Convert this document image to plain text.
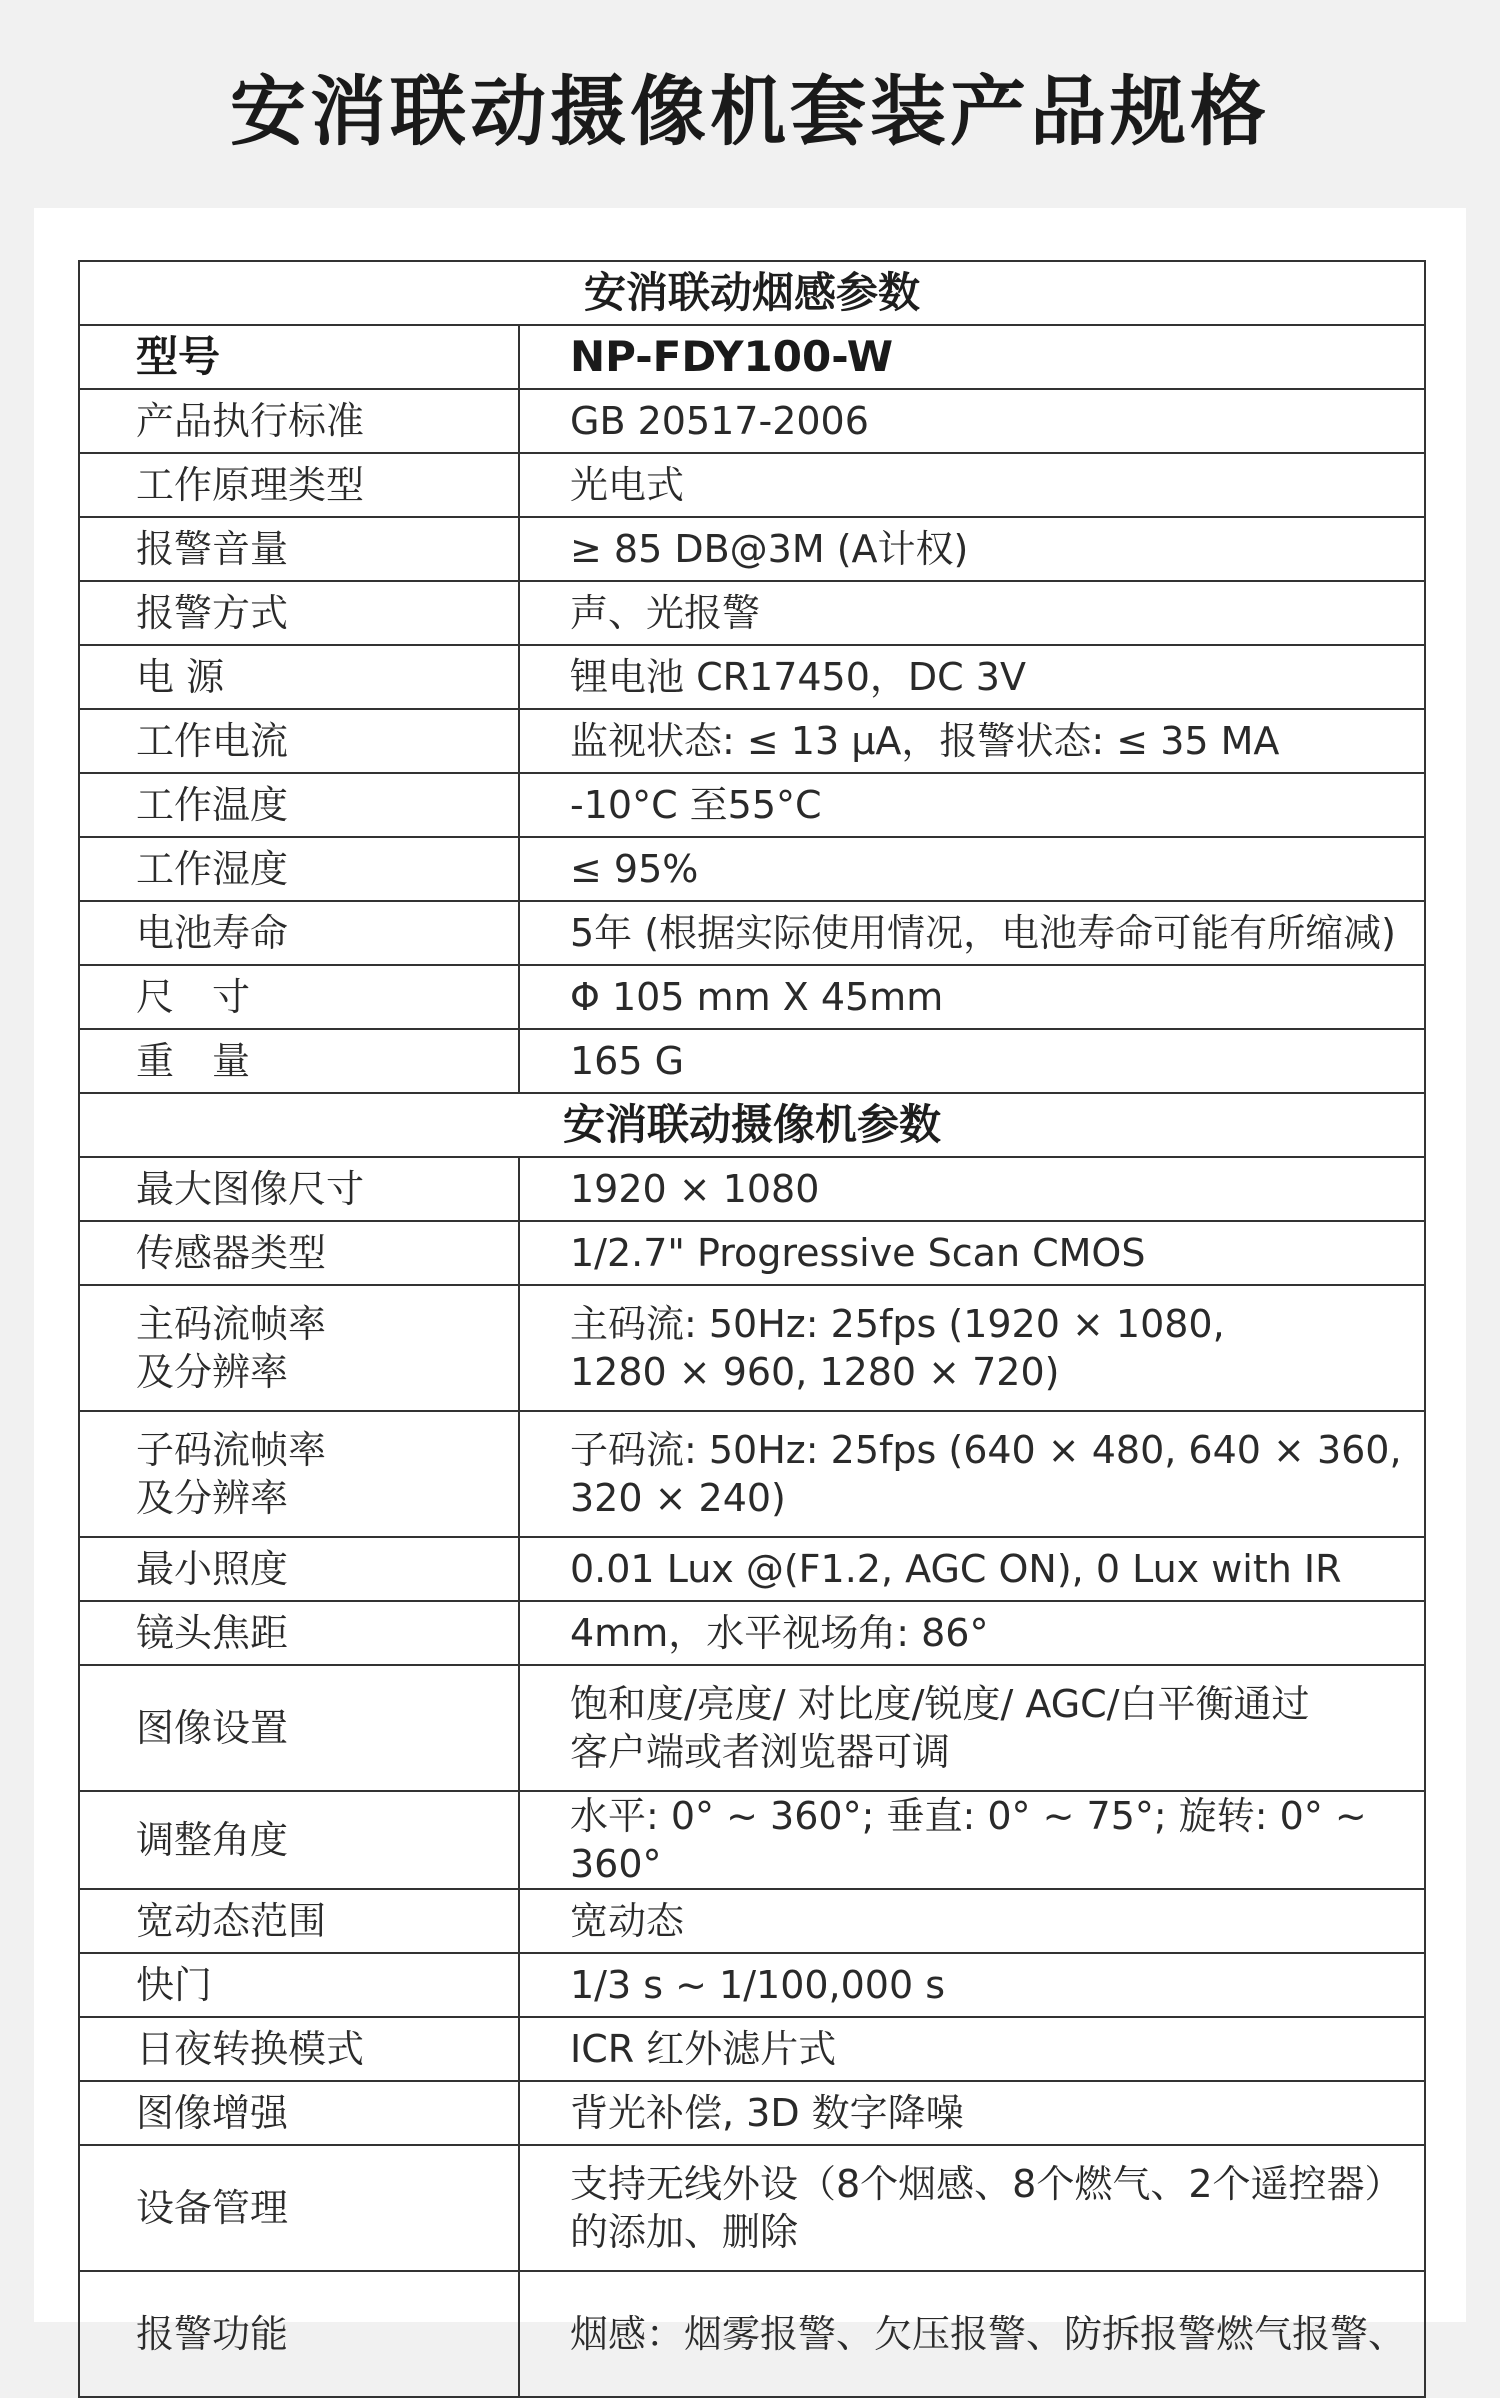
安消联动摄像机套装产品规格
安消联动烟感参数	
型号	NP-FDY100-W
产品执行标准	GB 20517-2006
工作原理类型	光电式
报警音量	≥ 85 DB@3M (A计权)
报警方式	声、光报警
电 源	锂电池 CR17450，DC 3V
工作电流	监视状态: ≤ 13 μA，报警状态: ≤ 35 MA
工作温度	-10°C 至55°C
工作湿度	≤ 95%
电池寿命	5年 (根据实际使用情况，电池寿命可能有所缩减)
尺　寸	Φ 105 mm X 45mm
重　量	165 G
安消联动摄像机参数	
最大图像尺寸	1920 × 1080
传感器类型	1/2.7" Progressive Scan CMOS
主码流帧率
及分辨率	主码流: 50Hz: 25fps (1920 × 1080,
1280 × 960, 1280 × 720)
子码流帧率
及分辨率	子码流: 50Hz: 25fps (640 × 480, 640 × 360,
320 × 240)
最小照度	0.01 Lux @(F1.2, AGC ON), 0 Lux with IR
镜头焦距	4mm，水平视场角: 86°
图像设置	饱和度/亮度/ 对比度/锐度/ AGC/白平衡通过
客户端或者浏览器可调
调整角度	水平: 0° ~ 360°; 垂直: 0° ~ 75°; 旋转: 0° ~ 360°
宽动态范围	宽动态
快门	1/3 s ~ 1/100,000 s
日夜转换模式	ICR 红外滤片式
图像增强	背光补偿, 3D 数字降噪
设备管理	支持无线外设（8个烟感、8个燃气、2个遥控器）
的添加、删除
报警功能	烟感：烟雾报警、欠压报警、防拆报警燃气报警、
